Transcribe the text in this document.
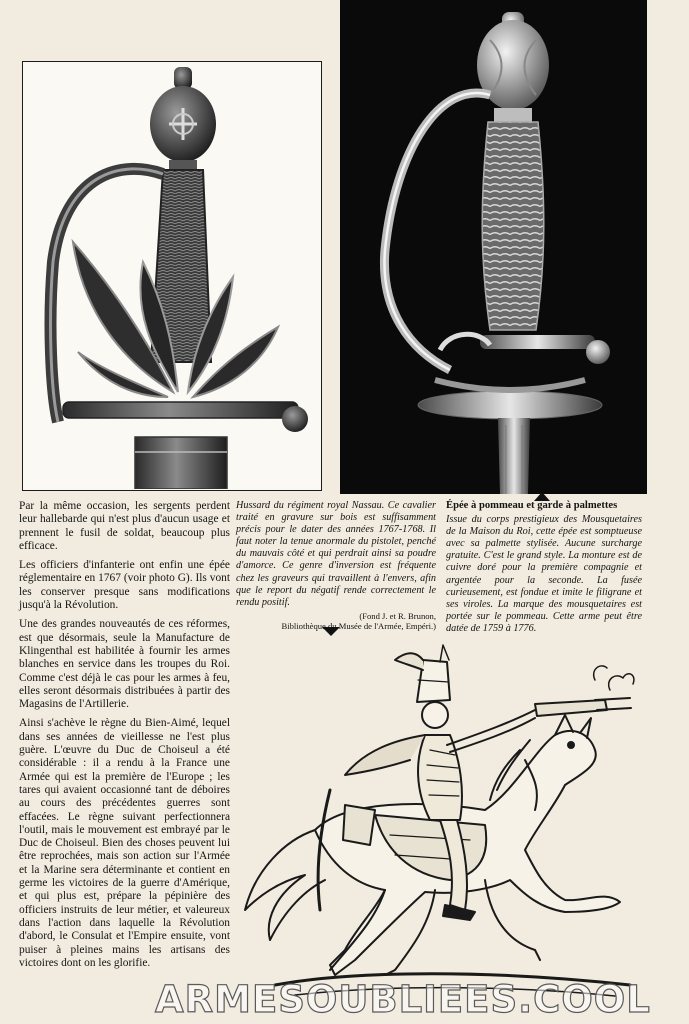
Par la même occasion, les sergents perdent leur hallebarde qui n'est plus d'aucun usage et prennent le fusil de soldat, beaucoup plus efficace.

Les officiers d'infanterie ont enfin une épée réglementaire en 1767 (voir photo G). Ils vont les conserver presque sans modifications jusqu'à la Révolution.

Une des grandes nouveautés de ces réformes, est que désormais, seule la Manufacture de Klingenthal est habilitée à fournir les armes blanches en service dans les troupes du Roi. Comme c'est déjà le cas pour les armes à feu, elles seront désormais distribuées à partir des Magasins de l'Artillerie.

Ainsi s'achève le règne du Bien-Aimé, lequel dans ses années de vieillesse ne l'est plus guère. L'œuvre du Duc de Choiseul a été considérable : il a rendu à la France une Armée qui est la première de l'Europe ; les tares qui avaient occasionné tant de déboires au cours des précédentes guerres sont effacées. Le règne suivant perfectionnera l'outil, mais le mouvement est embrayé par le Duc de Choiseul. Bien des choses peuvent lui être reprochées, mais son action sur l'Armée et la Marine sera déterminante et contient en germe les victoires de la guerre d'Amérique, et qui plus est, prépare la pépinière des officiers instruits de leur métier, et valeureux dans l'action dans laquelle la Révolution d'abord, le Consulat et l'Empire ensuite, vont puiser à pleines mains les artisans des victoires dont on les glorifie.

Hussard du régiment royal Nassau. Ce cavalier traité en gravure sur bois est suffisamment précis pour le dater des années 1767-1768. Il faut noter la tenue anormale du pistolet, penché du mauvais côté et qui perdrait ainsi sa poudre d'amorce. Ce genre d'inversion est fréquente chez les graveurs qui travaillent à l'envers, afin que le report du négatif rende correctement le rendu positif.

(Fond J. et R. Brunon,
Bibliothèque du Musée de l'Armée, Empéri.)
Épée à pommeau et garde à palmettes

Issue du corps prestigieux des Mousquetaires de la Maison du Roi, cette épée est somptueuse avec sa palmette stylisée. Aucune surcharge gratuite. C'est le grand style. La monture est de cuivre doré pour la première compagnie et argentée pour la seconde. La fusée curieusement, est fondue et imite le filigrane et ses viroles. La marque des mousquetaires est portée sur le pommeau. Cette arme peut être datée de 1759 à 1776.

ARMESOUBLIEES.COOL
